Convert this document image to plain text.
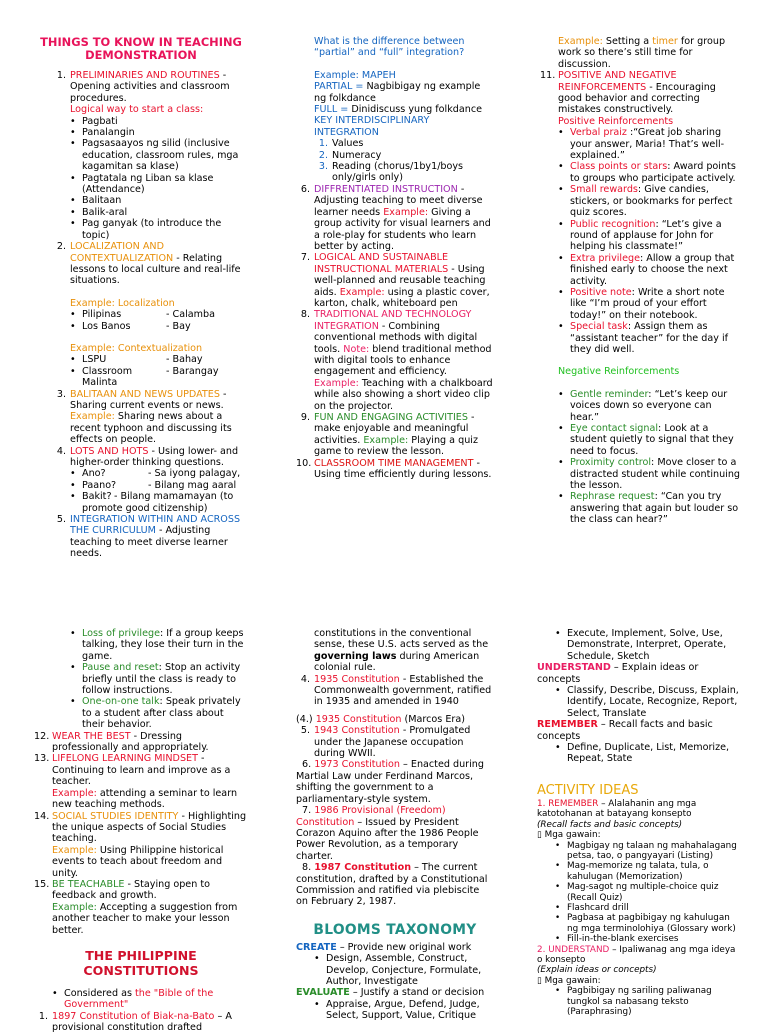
THINGS TO KNOW IN TEACHING DEMONSTRATION
1. PRELIMINARIES AND ROUTINES - Opening activities and classroom procedures.
Logical way to start a class:
• Pagbati
• Panalangin
• Pagsasaayos ng silid (inclusive education, classroom rules, mga kagamitan sa klase)
• Pagtatala ng Liban sa klase (Attendance)
• Balitaan
• Balik-aral
• Pag ganyak (to introduce the topic)
2. LOCALIZATION AND CONTEXTUALIZATION - Relating lessons to local culture and real-life situations.
Example: Localization
• Pilipinas	- Calamba
• Los Banos	- Bay
Example: Contextualization
• LSPU	- Bahay
• Classroom	- Barangay Malinta
3. BALITAAN AND NEWS UPDATES - Sharing current events or news. Example: Sharing news about a recent typhoon and discussing its effects on people.
4. LOTS AND HOTS - Using lower- and higher-order thinking questions.
• Ano?	- Sa iyong palagay,
• Paano?	- Bilang mag aaral
• Bakit? - Bilang mamamayan (to promote good citizenship)
5. INTEGRATION WITHIN AND ACROSS THE CURRICULUM - Adjusting teaching to meet diverse learner needs.
What is the difference between “partial” and “full” integration?
Example: MAPEH
PARTIAL = Nagbibigay ng example ng folkdance
FULL = Dinidiscuss yung folkdance
KEY INTERDISCIPLINARY INTEGRATION
1. Values
2. Numeracy
3. Reading (chorus/1by1/boys only/girls only)
6. DIFFRENTIATED INSTRUCTION - Adjusting teaching to meet diverse learner needs Example: Giving a group activity for visual learners and a role-play for students who learn better by acting.
7. LOGICAL AND SUSTAINABLE INSTRUCTIONAL MATERIALS - Using well-planned and reusable teaching aids. Example: using a plastic cover, karton, chalk, whiteboard pen
8. TRADITIONAL AND TECHNOLOGY INTEGRATION - Combining conventional methods with digital tools. Note: blend traditional method with digital tools to enhance engagement and efficiency. Example: Teaching with a chalkboard while also showing a short video clip on the projector.
9. FUN AND ENGAGING ACTIVITIES - make enjoyable and meaningful activities. Example: Playing a quiz game to review the lesson.
10. CLASSROOM TIME MANAGEMENT - Using time efficiently during lessons.
Example: Setting a timer for group work so there’s still time for discussion.
11. POSITIVE AND NEGATIVE REINFORCEMENTS - Encouraging good behavior and correcting mistakes constructively.
Positive Reinforcements
• Verbal praiz :“Great job sharing your answer, Maria! That’s well-explained.”
• Class points or stars: Award points to groups who participate actively.
• Small rewards: Give candies, stickers, or bookmarks for perfect quiz scores.
• Public recognition: “Let’s give a round of applause for John for helping his classmate!”
• Extra privilege: Allow a group that finished early to choose the next activity.
• Positive note: Write a short note like “I’m proud of your effort today!” on their notebook.
• Special task: Assign them as “assistant teacher” for the day if they did well.
Negative Reinforcements
• Gentle reminder: “Let’s keep our voices down so everyone can hear.”
• Eye contact signal: Look at a student quietly to signal that they need to focus.
• Proximity control: Move closer to a distracted student while continuing the lesson.
• Rephrase request: “Can you try answering that again but louder so the class can hear?”
• Loss of privilege: If a group keeps talking, they lose their turn in the game.
• Pause and reset: Stop an activity briefly until the class is ready to follow instructions.
• One-on-one talk: Speak privately to a student after class about their behavior.
12. WEAR THE BEST - Dressing professionally and appropriately.
13. LIFELONG LEARNING MINDSET - Continuing to learn and improve as a teacher.
Example: attending a seminar to learn new teaching methods.
14. SOCIAL STUDIES IDENTITY - Highlighting the unique aspects of Social Studies teaching.
Example: Using Philippine historical events to teach about freedom and unity.
15. BE TEACHABLE - Staying open to feedback and growth.
Example: Accepting a suggestion from another teacher to make your lesson better.
THE PHILIPPINE CONSTITUTIONS
• Considered as the "Bible of the Government"
1. 1897 Constitution of Biak-na-Bato – A provisional constitution drafted
constitutions in the conventional sense, these U.S. acts served as the governing laws during American colonial rule.
4. 1935 Constitution - Established the Commonwealth government, ratified in 1935 and amended in 1940
(4.) 1935 Constitution (Marcos Era)
5. 1943 Constitution - Promulgated under the Japanese occupation during WWII.
6. 1973 Constitution – Enacted during Martial Law under Ferdinand Marcos, shifting the government to a parliamentary-style system.
7. 1986 Provisional (Freedom) Constitution – Issued by President Corazon Aquino after the 1986 People Power Revolution, as a temporary charter.
8. 1987 Constitution – The current constitution, drafted by a Constitutional Commission and ratified via plebiscite on February 2, 1987.
BLOOMS TAXONOMY
CREATE – Provide new original work
• Design, Assemble, Construct, Develop, Conjecture, Formulate, Author, Investigate
EVALUATE – Justify a stand or decision
• Appraise, Argue, Defend, Judge, Select, Support, Value, Critique
• Execute, Implement, Solve, Use, Demonstrate, Interpret, Operate, Schedule, Sketch
UNDERSTAND – Explain ideas or concepts
• Classify, Describe, Discuss, Explain, Identify, Locate, Recognize, Report, Select, Translate
REMEMBER – Recall facts and basic concepts
• Define, Duplicate, List, Memorize, Repeat, State
ACTIVITY IDEAS
1. REMEMBER – Alalahanin ang mga katotohanan at batayang konsepto
(Recall facts and basic concepts)
▯ Mga gawain:
• Magbigay ng talaan ng mahahalagang petsa, tao, o pangyayari (Listing)
• Mag-memorize ng talata, tula, o kahulugan (Memorization)
• Mag-sagot ng multiple-choice quiz (Recall Quiz)
• Flashcard drill
• Pagbasa at pagbibigay ng kahulugan ng mga terminolohiya (Glossary work)
• Fill-in-the-blank exercises
2. UNDERSTAND – Ipaliwanag ang mga ideya o konsepto
(Explain ideas or concepts)
▯ Mga gawain:
• Pagbibigay ng sariling paliwanag tungkol sa nabasang teksto
(Paraphrasing)
